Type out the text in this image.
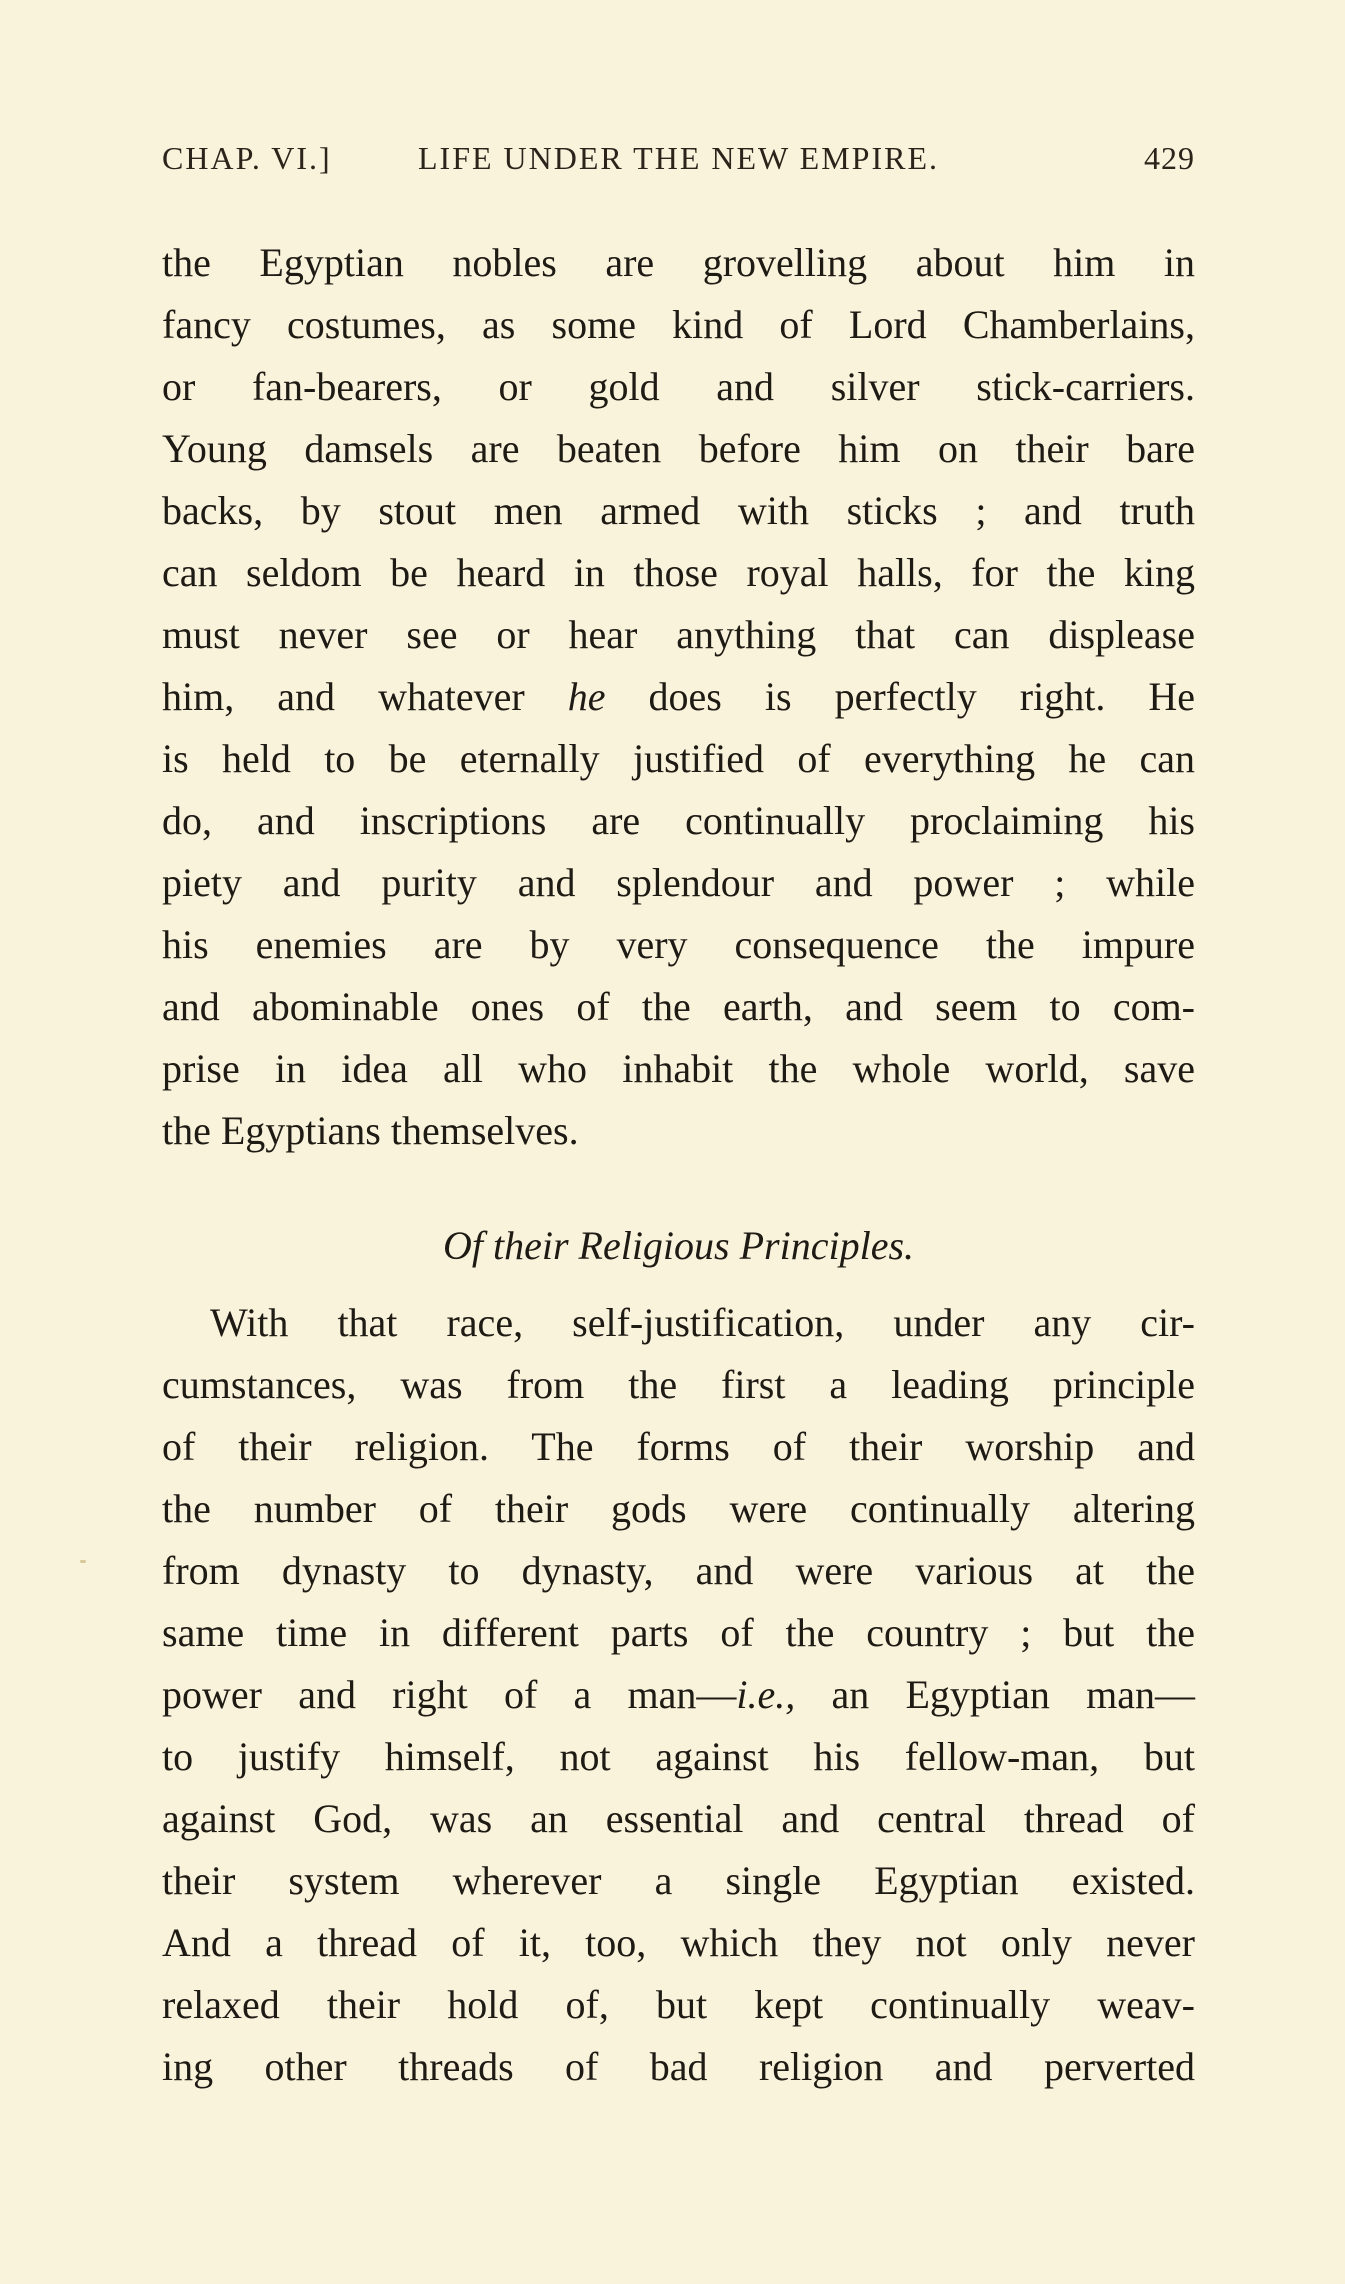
CHAP. VI.]	LIFE UNDER THE NEW EMPIRE.	429
the Egyptian nobles are grovelling about him in
fancy costumes, as some kind of Lord Chamberlains,
or fan-bearers, or gold and silver stick-carriers.
Young damsels are beaten before him on their bare
backs, by stout men armed with sticks ; and truth
can seldom be heard in those royal halls, for the king
must never see or hear anything that can displease
him, and whatever he does is perfectly right. He
is held to be eternally justified of everything he can
do, and inscriptions are continually proclaiming his
piety and purity and splendour and power ; while
his enemies are by very consequence the impure
and abominable ones of the earth, and seem to com-
prise in idea all who inhabit the whole world, save
the Egyptians themselves.
Of their Religious Principles.
With that race, self-justification, under any cir-
cumstances, was from the first a leading principle
of their religion. The forms of their worship and
the number of their gods were continually altering
from dynasty to dynasty, and were various at the
same time in different parts of the country ; but the
power and right of a man—i.e., an Egyptian man—
to justify himself, not against his fellow-man, but
against God, was an essential and central thread of
their system wherever a single Egyptian existed.
And a thread of it, too, which they not only never
relaxed their hold of, but kept continually weav-
ing other threads of bad religion and perverted
